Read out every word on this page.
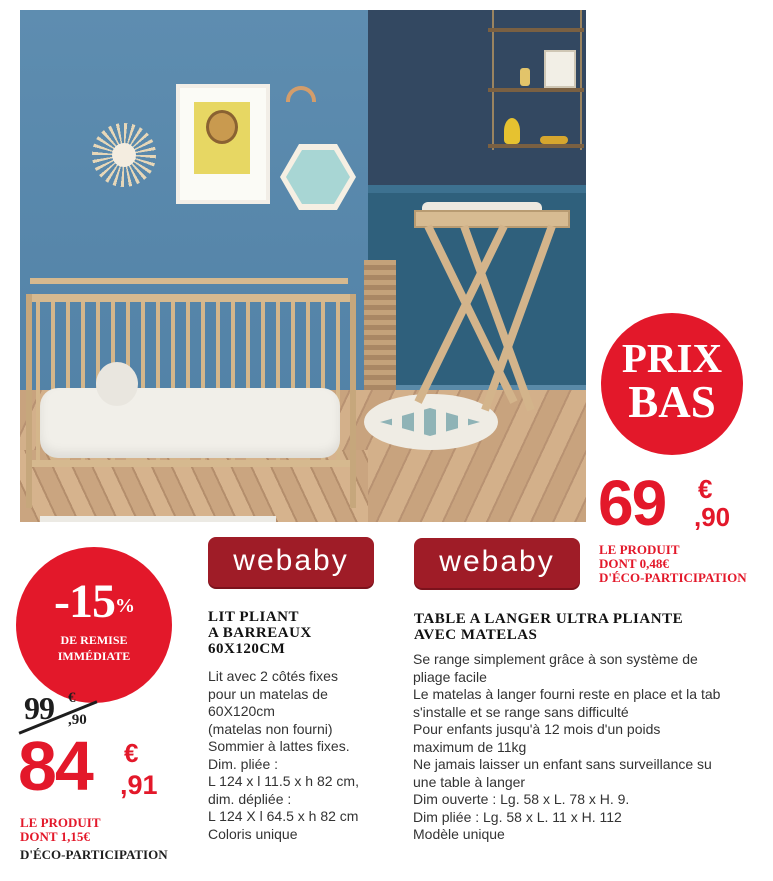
PRIX
BAS
69 €
,90
LE PRODUIT
DONT 0,48€
D'ÉCO-PARTICIPATION
webaby	webaby
-15%
DE REMISE
IMMÉDIATE
99 €
,90
84 €
,91
LE PRODUIT
DONT 1,15€
D'ÉCO-PARTICIPATION
LIT PLIANT
A BARREAUX
60X120CM
Lit avec 2 côtés fixes
pour un matelas de
60X120cm
(matelas non fourni)
Sommier à lattes fixes.
Dim. pliée :
L 124 x l 11.5 x h 82 cm,
dim. dépliée :
L 124 X l 64.5 x h 82 cm
Coloris unique
TABLE A LANGER ULTRA PLIANTE
AVEC MATELAS
Se range simplement grâce à son système de
pliage facile
Le matelas à langer fourni reste en place et la tab
s'installe et se range sans difficulté
Pour enfants jusqu'à 12 mois d'un poids
maximum de 11kg
Ne jamais laisser un enfant sans surveillance su
une table à langer
Dim ouverte : Lg. 58 x L. 78 x H. 9.
Dim pliée : Lg. 58 x L. 11 x H. 112
Modèle unique
